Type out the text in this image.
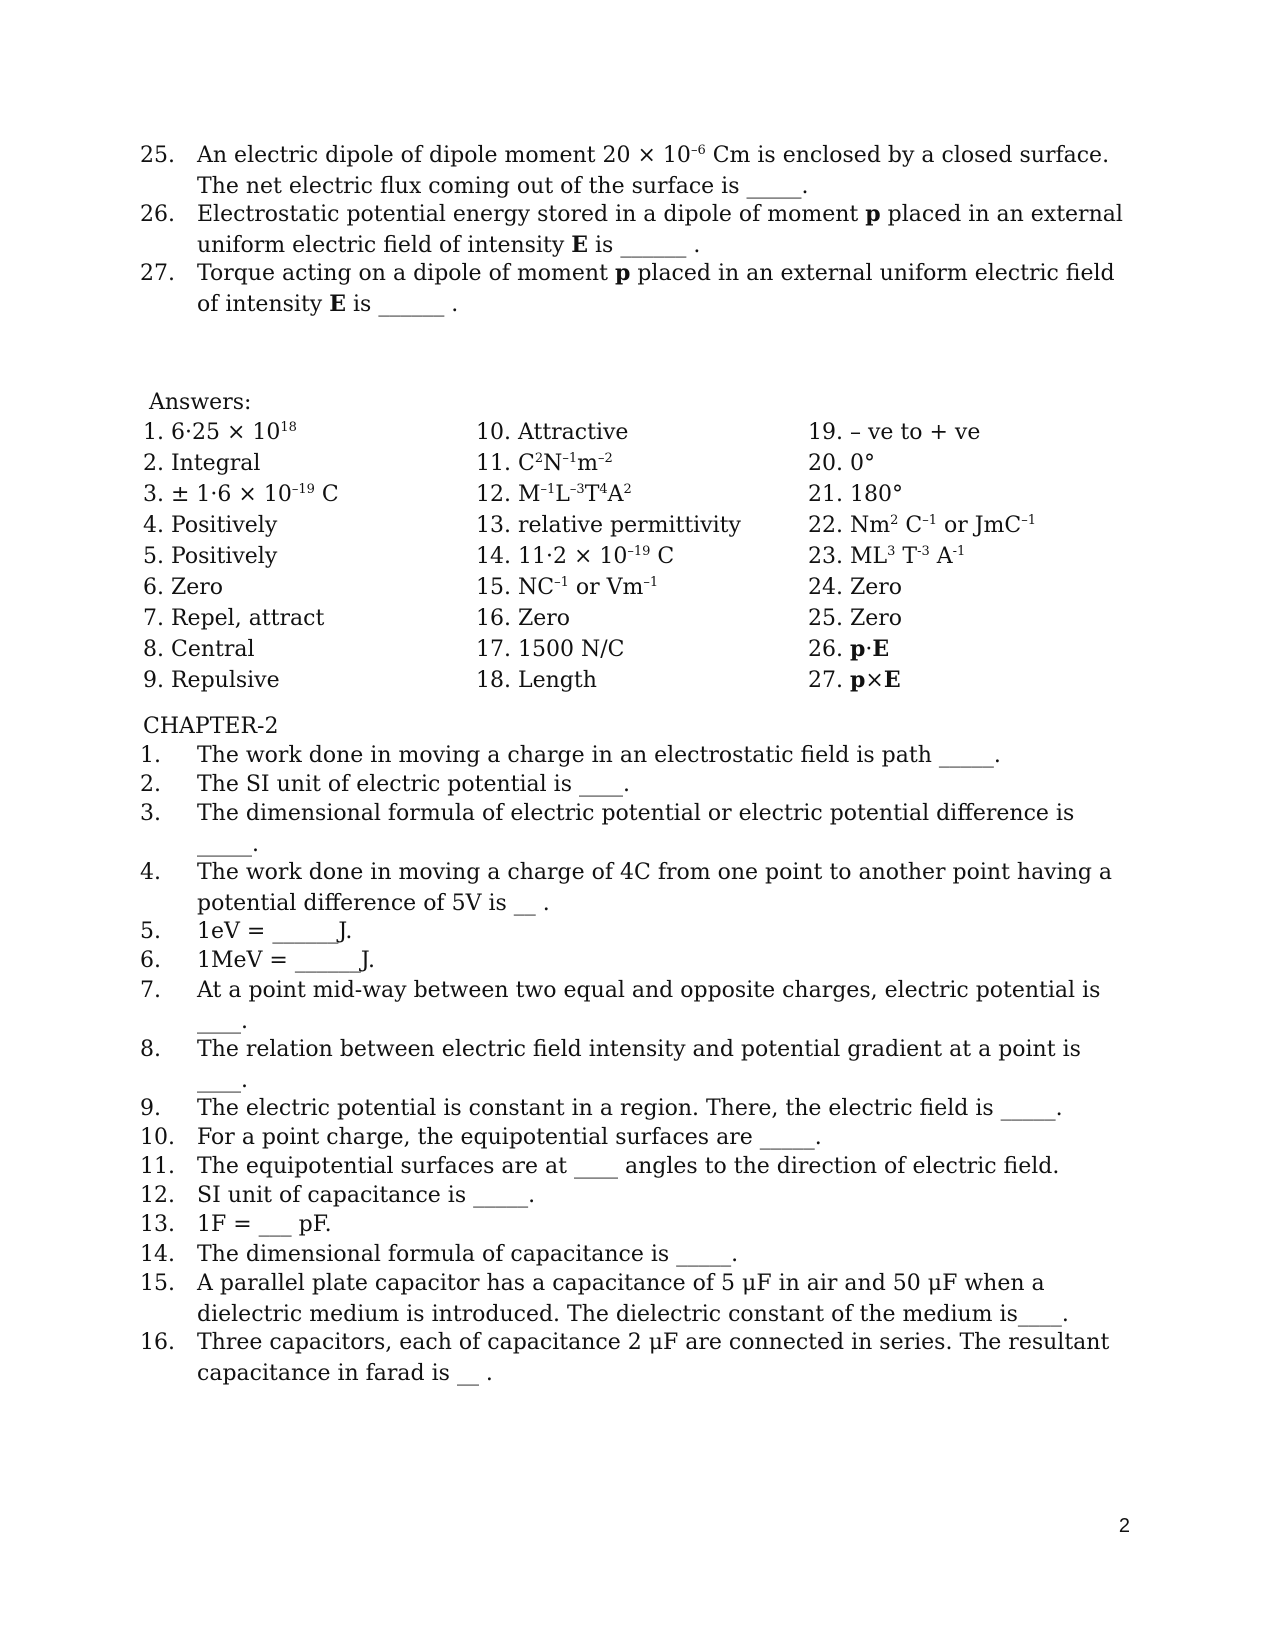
25.	An electric dipole of dipole moment $20 \times 10^{-6}$ Cm is enclosed by a closed surface. The net electric flux coming out of the surface is _____.
26.	Electrostatic potential energy stored in a dipole of moment p placed in an external uniform electric field of intensity E is ______ .
27.	Torque acting on a dipole of moment p placed in an external uniform electric field of intensity E is ______ .
Answers:
1. $6\cdot 25 \times 10^{18}$
2. Integral
3. ± $1\cdot 6 \times 10^{-19}$ C
4. Positively
5. Positively
6. Zero
7. Repel, attract
8. Central
9. Repulsive
10. Attractive
11. $C^2N^{-1}m^{-2}$
12. $M^{-1}L^{-3}T^4A^2$
13. relative permittivity
14. $11\cdot 2 \times 10^{-19}$ C
15. $NC^{-1}$ or $Vm^{-1}$
16. Zero
17. 1500 N/C
18. Length
19. – ve to + ve
20. 0°
21. 180°
22. Nm$^2$ $C^{-1}$ or JmC$^{-1}$
23. $ML^3$ $T^{-3}$ $A^{-1}$
24. Zero
25. Zero
26. p·E
27. p×E
CHAPTER-2
1.	The work done in moving a charge in an electrostatic field is path _____.
2.	The SI unit of electric potential is ____.
3.	The dimensional formula of electric potential or electric potential difference is _____.
4.	The work done in moving a charge of 4C from one point to another point having a potential difference of 5V is __ .
5.	1eV = ______J.
6.	1MeV = ______J.
7.	At a point mid-way between two equal and opposite charges, electric potential is ____.
8.	The relation between electric field intensity and potential gradient at a point is ____.
9.	The electric potential is constant in a region. There, the electric field is _____.
10.	For a point charge, the equipotential surfaces are _____.
11.	The equipotential surfaces are at ____ angles to the direction of electric field.
12.	SI unit of capacitance is _____.
13.	1F = ___ pF.
14.	The dimensional formula of capacitance is _____.
15.	A parallel plate capacitor has a capacitance of 5 μF in air and 50 μF when a dielectric medium is introduced. The dielectric constant of the medium is____.
16.	Three capacitors, each of capacitance 2 μF are connected in series. The resultant capacitance in farad is __ .
2
